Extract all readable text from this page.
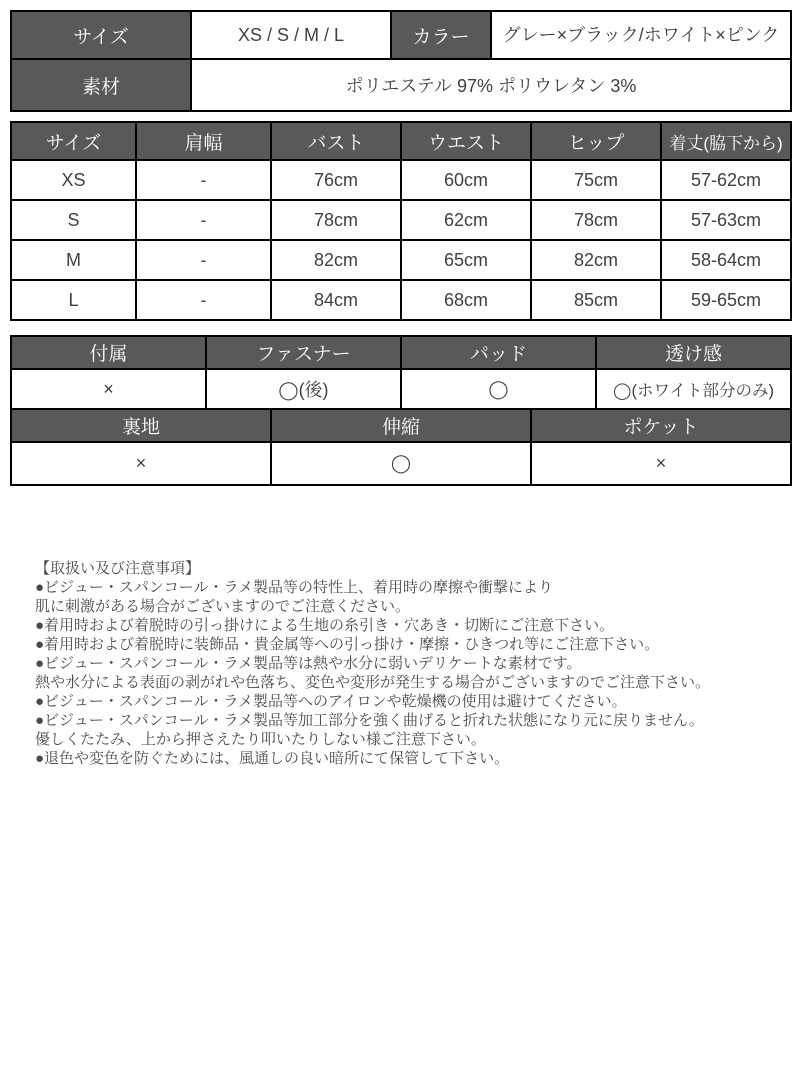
サイズ	XS / S / M / L	カラー	グレー×ブラック/ホワイト×ピンク
素材	ポリエステル 97% ポリウレタン 3%		
サイズ	肩幅	バスト	ウエスト	ヒップ	着丈(脇下から)
XS	-	76cm	60cm	75cm	57-62cm
S	-	78cm	62cm	78cm	57-63cm
M	-	82cm	65cm	82cm	58-64cm
L	-	84cm	68cm	85cm	59-65cm
付属	ファスナー	パッド	透け感
×	◯(後)	◯	◯(ホワイト部分のみ)
裏地	伸縮	ポケット
×	◯	×
【取扱い及び注意事項】
●ビジュー・スパンコール・ラメ製品等の特性上、着用時の摩擦や衝撃により
肌に刺激がある場合がございますのでご注意ください。
●着用時および着脱時の引っ掛けによる生地の糸引き・穴あき・切断にご注意下さい。
●着用時および着脱時に装飾品・貴金属等への引っ掛け・摩擦・ひきつれ等にご注意下さい。
●ビジュー・スパンコール・ラメ製品等は熱や水分に弱いデリケートな素材です。
熱や水分による表面の剥がれや色落ち、変色や変形が発生する場合がございますのでご注意下さい。
●ビジュー・スパンコール・ラメ製品等へのアイロンや乾燥機の使用は避けてください。
●ビジュー・スパンコール・ラメ製品等加工部分を強く曲げると折れた状態になり元に戻りません。
優しくたたみ、上から押さえたり叩いたりしない様ご注意下さい。
●退色や変色を防ぐためには、風通しの良い暗所にて保管して下さい。
